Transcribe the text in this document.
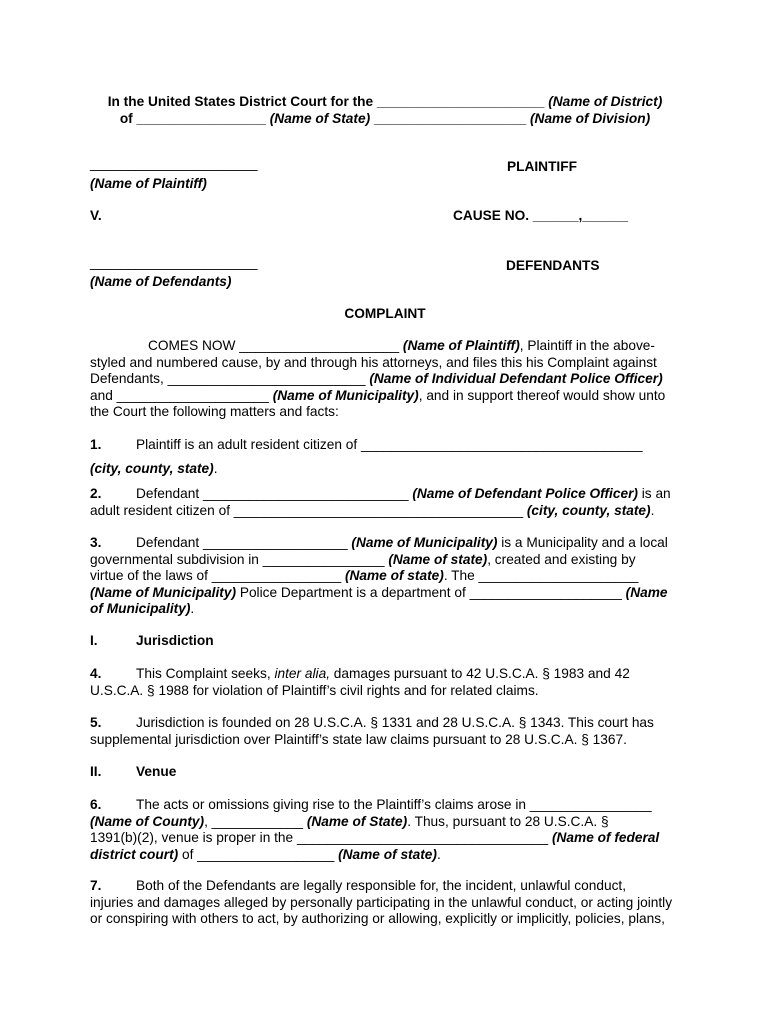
In the United States District Court for the ______________________ (Name of District)
of _________________ (Name of State) ____________________ (Name of Division)
______________________
(Name of Plaintiff)
PLAINTIFF
V.	CAUSE NO. ______,______
______________________
(Name of Defendants)
DEFENDANTS
COMPLAINT
COMES NOW _____________________ (Name of Plaintiff), Plaintiff in the above-
styled and numbered cause, by and through his attorneys, and files this his Complaint against
Defendants, __________________________ (Name of Individual Defendant Police Officer)
and ____________________ (Name of Municipality), and in support thereof would show unto
the Court the following matters and facts:
1.	Plaintiff is an adult resident citizen of _____________________________________
(city, county, state).
2.	Defendant ___________________________ (Name of Defendant Police Officer) is an
adult resident citizen of ______________________________________ (city, county, state).
3.	Defendant ___________________ (Name of Municipality) is a Municipality and a local
governmental subdivision in ________________ (Name of state), created and existing by
virtue of the laws of _________________ (Name of state). The _____________________
(Name of Municipality) Police Department is a department of ____________________ (Name
of Municipality).
I.	Jurisdiction
4.	This Complaint seeks, inter alia, damages pursuant to 42 U.S.C.A. § 1983 and 42
U.S.C.A. § 1988 for violation of Plaintiff’s civil rights and for related claims.
5.	Jurisdiction is founded on 28 U.S.C.A. § 1331 and 28 U.S.C.A. § 1343. This court has
supplemental jurisdiction over Plaintiff’s state law claims pursuant to 28 U.S.C.A. § 1367.
II.	Venue
6.	The acts or omissions giving rise to the Plaintiff’s claims arose in ________________
(Name of County), ____________ (Name of State). Thus, pursuant to 28 U.S.C.A. §
1391(b)(2), venue is proper in the _________________________________ (Name of federal
district court) of __________________ (Name of state).
7.	Both of the Defendants are legally responsible for, the incident, unlawful conduct,
injuries and damages alleged by personally participating in the unlawful conduct, or acting jointly
or conspiring with others to act, by authorizing or allowing, explicitly or implicitly, policies, plans,
